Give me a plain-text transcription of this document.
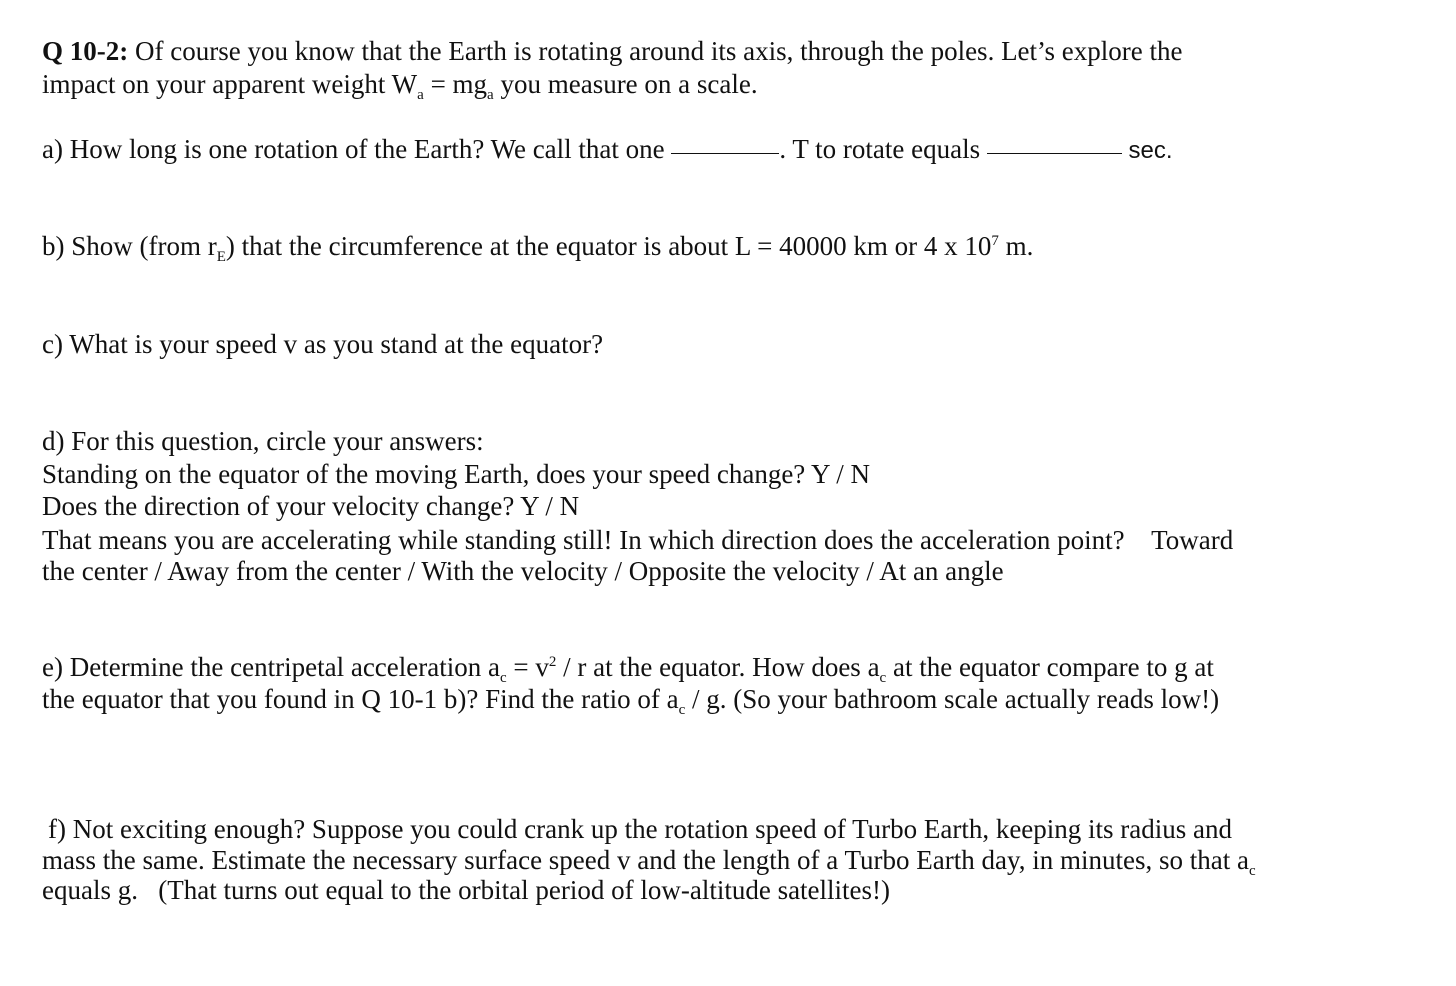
Q 10-2: Of course you know that the Earth is rotating around its axis, through the poles. Let’s explore the
impact on your apparent weight $W_a = mg_a$ you measure on a scale.
a) How long is one rotation of the Earth? We call that one	. T to rotate equals	sec.
b) Show (from $r_E$) that the circumference at the equator is about L = 40000 km or 4 x $10^7$ m.
c) What is your speed v as you stand at the equator?
d) For this question, circle your answers:
Standing on the equator of the moving Earth, does your speed change? Y / N
Does the direction of your velocity change? Y / N
That means you are accelerating while standing still! In which direction does the acceleration point?    Toward
the center / Away from the center / With the velocity / Opposite the velocity / At an angle
e) Determine the centripetal acceleration $a_c = v^2 / r$ at the equator. How does $a_c$ at the equator compare to g at
the equator that you found in Q 10-1 b)? Find the ratio of $a_c$ / g. (So your bathroom scale actually reads low!)
f) Not exciting enough? Suppose you could crank up the rotation speed of Turbo Earth, keeping its radius and
mass the same. Estimate the necessary surface speed v and the length of a Turbo Earth day, in minutes, so that $a_c$
equals g.   (That turns out equal to the orbital period of low-altitude satellites!)
